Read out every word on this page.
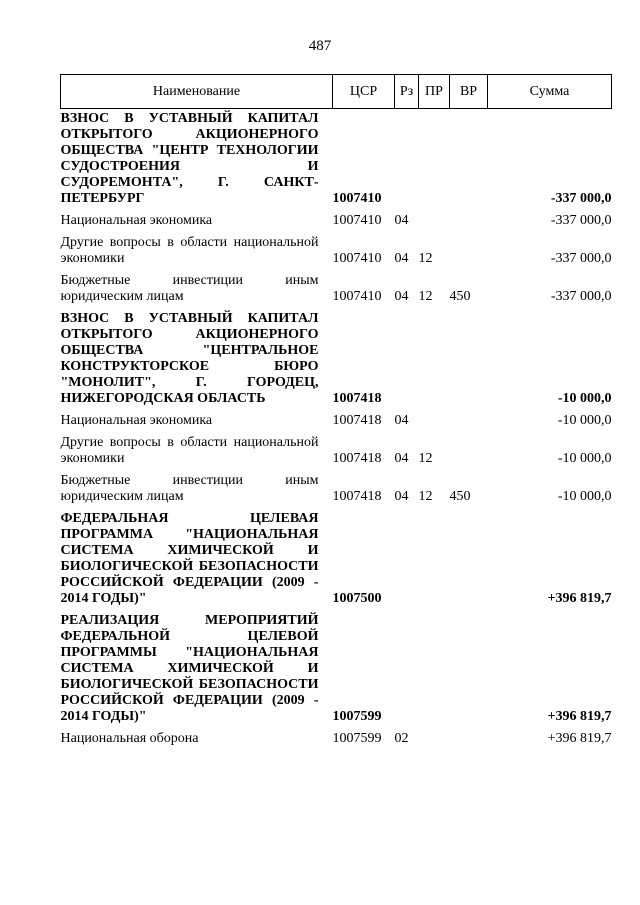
487
Наименование	ЦСР	Рз	ПР	ВР	Сумма

ВЗНОС В УСТАВНЫЙ КАПИТАЛ ОТКРЫТОГО АКЦИОНЕРНОГО ОБЩЕСТВА "ЦЕНТР ТЕХНОЛОГИИ СУДОСТРОЕНИЯ И СУДОРЕМОНТА", Г. САНКТ-ПЕТЕРБУРГ	1007410				-337 000,0

Национальная экономика	1007410	04			-337 000,0

Другие вопросы в области национальной экономики	1007410	04	12		-337 000,0

Бюджетные инвестиции иным юридическим лицам	1007410	04	12	450	-337 000,0

ВЗНОС В УСТАВНЫЙ КАПИТАЛ ОТКРЫТОГО АКЦИОНЕРНОГО ОБЩЕСТВА "ЦЕНТРАЛЬНОЕ КОНСТРУКТОРСКОЕ БЮРО "МОНОЛИТ", Г. ГОРОДЕЦ, НИЖЕГОРОДСКАЯ ОБЛАСТЬ	1007418				-10 000,0

Национальная экономика	1007418	04			-10 000,0

Другие вопросы в области национальной экономики	1007418	04	12		-10 000,0

Бюджетные инвестиции иным юридическим лицам	1007418	04	12	450	-10 000,0

ФЕДЕРАЛЬНАЯ ЦЕЛЕВАЯ ПРОГРАММА "НАЦИОНАЛЬНАЯ СИСТЕМА ХИМИЧЕСКОЙ И БИОЛОГИЧЕСКОЙ БЕЗОПАСНОСТИ РОССИЙСКОЙ ФЕДЕРАЦИИ (2009 - 2014 ГОДЫ)"	1007500				+396 819,7

РЕАЛИЗАЦИЯ МЕРОПРИЯТИЙ ФЕДЕРАЛЬНОЙ ЦЕЛЕВОЙ ПРОГРАММЫ "НАЦИОНАЛЬНАЯ СИСТЕМА ХИМИЧЕСКОЙ И БИОЛОГИЧЕСКОЙ БЕЗОПАСНОСТИ РОССИЙСКОЙ ФЕДЕРАЦИИ (2009 - 2014 ГОДЫ)"	1007599				+396 819,7

Национальная оборона	1007599	02			+396 819,7
